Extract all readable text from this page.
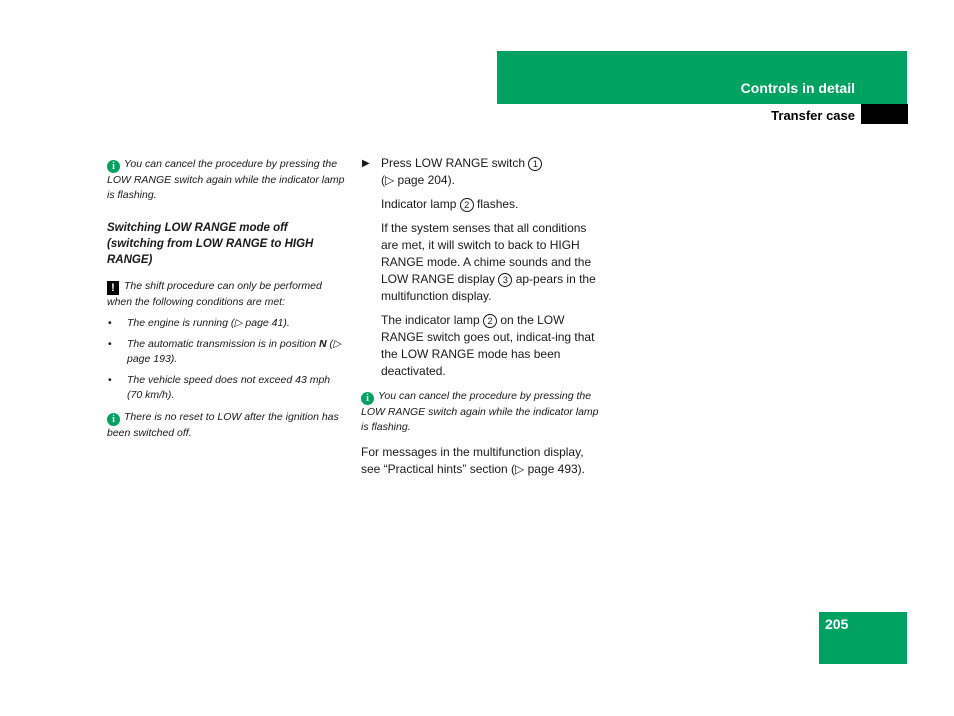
Controls in detail
Transfer case
205

i You can cancel the procedure by pressing the LOW RANGE switch again while the indicator lamp is flashing.

Switching LOW RANGE mode off (switching from LOW RANGE to HIGH RANGE)

! The shift procedure can only be performed when the following conditions are met:

• The engine is running (▷ page 41).
• The automatic transmission is in position N (▷ page 193).
• The vehicle speed does not exceed 43 mph (70 km/h).

i There is no reset to LOW after the ignition has been switched off.

▶ Press LOW RANGE switch 1
(▷ page 204).

Indicator lamp 2 flashes.

If the system senses that all conditions are met, it will switch to back to HIGH RANGE mode. A chime sounds and the LOW RANGE display 3 ap-pears in the multifunction display.

The indicator lamp 2 on the LOW RANGE switch goes out, indicat-ing that the LOW RANGE mode has been deactivated.

i You can cancel the procedure by pressing the LOW RANGE switch again while the indicator lamp is flashing.

For messages in the multifunction display, see “Practical hints” section (▷ page 493).
